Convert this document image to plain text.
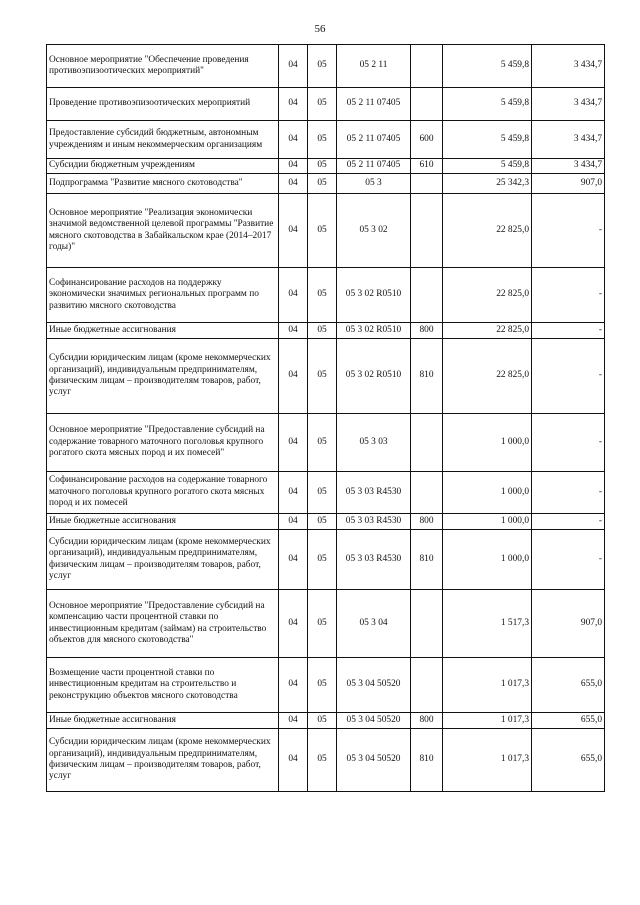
56
Основное мероприятие "Обеспечение проведения противоэпизоотических мероприятий"	04	05	05 2 11		5 459,8	3 434,7
Проведение противоэпизоотических мероприятий	04	05	05 2 11 07405		5 459,8	3 434,7
Предоставление субсидий бюджетным, автономным учреждениям и иным некоммерческим организациям	04	05	05 2 11 07405	600	5 459,8	3 434,7
Субсидии бюджетным учреждениям	04	05	05 2 11 07405	610	5 459,8	3 434,7
Подпрограмма "Развитие мясного скотоводства"	04	05	05 3		25 342,3	907,0
Основное мероприятие "Реализация экономически значимой ведомственной целевой программы "Развитие мясного скотоводства в Забайкальском крае (2014–2017 годы)"	04	05	05 3 02		22 825,0	-
Софинансирование расходов на поддержку экономически значимых региональных программ по развитию мясного скотоводства	04	05	05 3 02 R0510		22 825,0	-
Иные бюджетные ассигнования	04	05	05 3 02 R0510	800	22 825,0	-
Субсидии юридическим лицам (кроме некоммерческих организаций), индивидуальным предпринимателям, физическим лицам – производителям товаров, работ, услуг	04	05	05 3 02 R0510	810	22 825,0	-
Основное мероприятие "Предоставление субсидий на содержание товарного маточного поголовья крупного рогатого скота мясных пород и их помесей"	04	05	05 3 03		1 000,0	-
Софинансирование расходов на содержание товарного маточного поголовья крупного рогатого скота мясных пород и их помесей	04	05	05 3 03 R4530		1 000,0	-
Иные бюджетные ассигнования	04	05	05 3 03 R4530	800	1 000,0	-
Субсидии юридическим лицам (кроме некоммерческих организаций), индивидуальным предпринимателям, физическим лицам – производителям товаров, работ, услуг	04	05	05 3 03 R4530	810	1 000,0	-
Основное мероприятие "Предоставление субсидий на компенсацию части процентной ставки по инвестиционным кредитам (займам) на строительство объектов для мясного скотоводства"	04	05	05 3 04		1 517,3	907,0
Возмещение части процентной ставки по инвестиционным кредитам на строительство и реконструкцию объектов мясного скотоводства	04	05	05 3 04 50520		1 017,3	655,0
Иные бюджетные ассигнования	04	05	05 3 04 50520	800	1 017,3	655,0
Субсидии юридическим лицам (кроме некоммерческих организаций), индивидуальным предпринимателям, физическим лицам – производителям товаров, работ, услуг	04	05	05 3 04 50520	810	1 017,3	655,0
